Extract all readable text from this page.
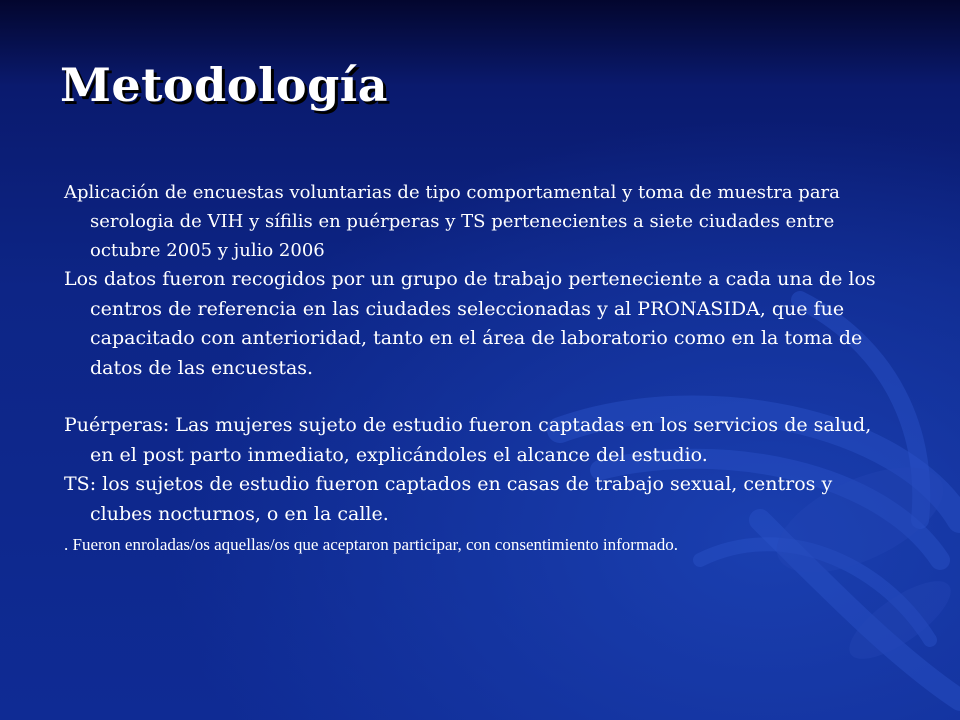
Metodología

Aplicación de encuestas voluntarias de tipo comportamental y toma de muestra para serologia de VIH y sífilis en puérperas y TS pertenecientes a siete ciudades entre octubre 2005 y julio 2006

Los datos fueron recogidos por un grupo de trabajo perteneciente a cada una de los centros de referencia en las ciudades seleccionadas y al PRONASIDA, que fue capacitado con anterioridad, tanto en el área de laboratorio como en la toma de datos de las encuestas.

Puérperas: Las mujeres sujeto de estudio fueron captadas en los servicios de salud, en el post parto inmediato, explicándoles el alcance del estudio.

TS: los sujetos de estudio fueron captados en casas de trabajo sexual, centros y clubes nocturnos, o en la calle.

. Fueron enroladas/os aquellas/os que aceptaron participar, con consentimiento informado.
